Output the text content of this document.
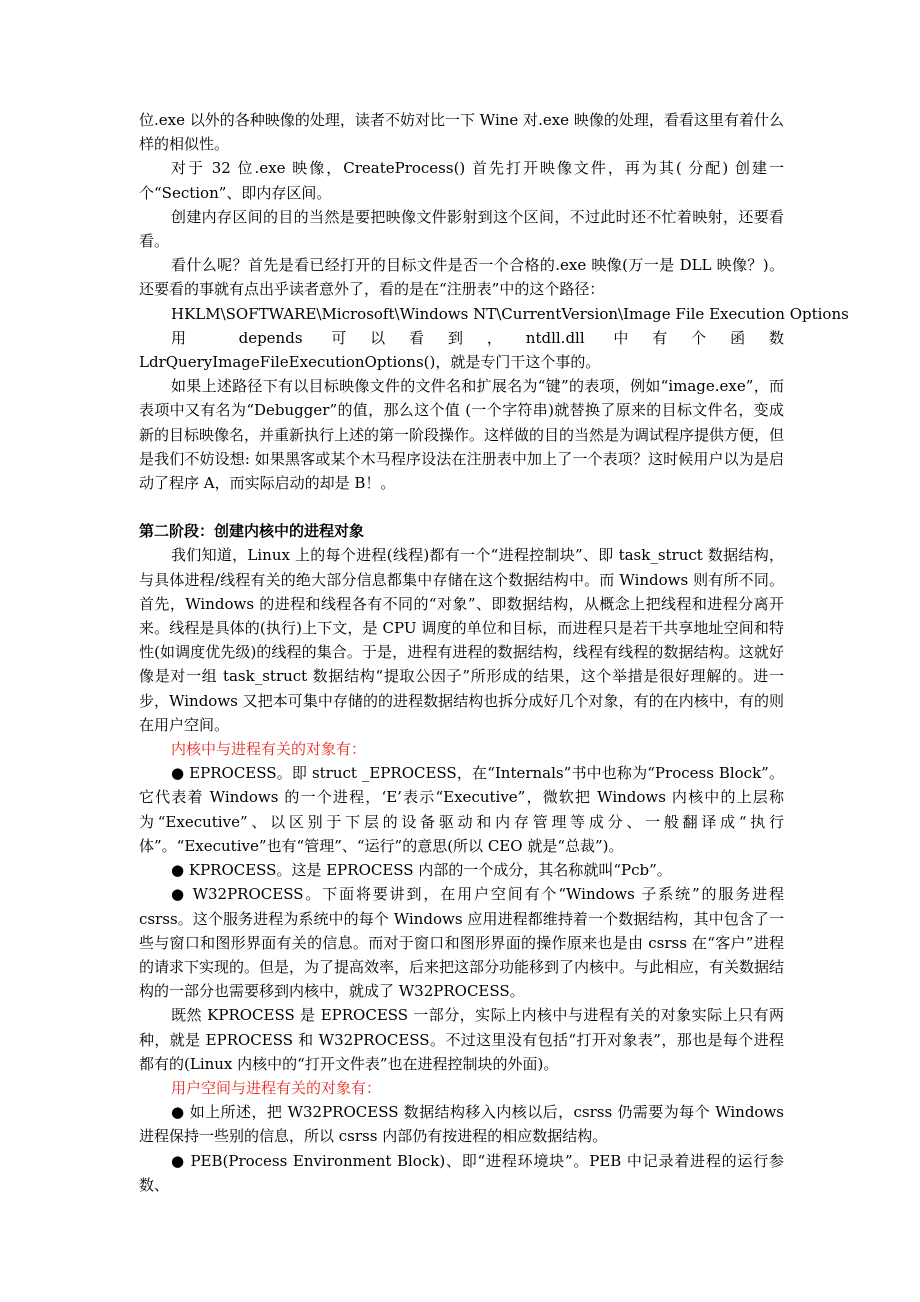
位.exe 以外的各种映像的处理，读者不妨对比一下 Wine 对.exe 映像的处理，看看这里有着什么样的相似性。

对于 32 位.exe 映像，CreateProcess() 首先打开映像文件，再为其( 分配) 创建一个“Section”、即内存区间。

创建内存区间的目的当然是要把映像文件影射到这个区间，不过此时还不忙着映射，还要看看。

看什么呢？首先是看已经打开的目标文件是否一个合格的.exe 映像(万一是 DLL 映像？)。还要看的事就有点出乎读者意外了，看的是在“注册表”中的这个路径：

HKLM\SOFTWARE\Microsoft\Windows NT\CurrentVersion\Image File Execution Options

用 depends 可以看到，ntdll.dll 中有个函数 LdrQueryImageFileExecutionOptions()，就是专门干这个事的。

如果上述路径下有以目标映像文件的文件名和扩展名为“键”的表项，例如“image.exe”，而表项中又有名为“Debugger”的值，那么这个值 (一个字符串)就替换了原来的目标文件名，变成新的目标映像名，并重新执行上述的第一阶段操作。这样做的目的当然是为调试程序提供方便，但是我们不妨设想: 如果黑客或某个木马程序设法在注册表中加上了一个表项？这时候用户以为是启动了程序 A，而实际启动的却是 B！。

第二阶段：创建内核中的进程对象

我们知道，Linux 上的每个进程(线程)都有一个“进程控制块”、即 task_struct 数据结构，与具体进程/线程有关的绝大部分信息都集中存储在这个数据结构中。而 Windows 则有所不同。首先，Windows 的进程和线程各有不同的“对象”、即数据结构，从概念上把线程和进程分离开来。线程是具体的(执行)上下文，是 CPU 调度的单位和目标，而进程只是若干共享地址空间和特性(如调度优先级)的线程的集合。于是，进程有进程的数据结构，线程有线程的数据结构。这就好像是对一组 task_struct 数据结构“提取公因子”所形成的结果，这个举措是很好理解的。进一步，Windows 又把本可集中存储的的进程数据结构也拆分成好几个对象，有的在内核中，有的则在用户空间。

内核中与进程有关的对象有：

● EPROCESS。即 struct _EPROCESS，在“Internals”书中也称为“Process Block”。它代表着 Windows 的一个进程，‘E’表示“Executive”，微软把 Windows 内核中的上层称为“Executive”、以区别于下层的设备驱动和内存管理等成分、一般翻译成“执行体”。“Executive”也有“管理”、“运行”的意思(所以 CEO 就是“总裁”)。

● KPROCESS。这是 EPROCESS 内部的一个成分，其名称就叫“Pcb”。

● W32PROCESS。下面将要讲到，在用户空间有个“Windows 子系统”的服务进程 csrss。这个服务进程为系统中的每个 Windows 应用进程都维持着一个数据结构，其中包含了一些与窗口和图形界面有关的信息。而对于窗口和图形界面的操作原来也是由 csrss 在“客户”进程的请求下实现的。但是，为了提高效率，后来把这部分功能移到了内核中。与此相应，有关数据结构的一部分也需要移到内核中，就成了 W32PROCESS。

既然 KPROCESS 是 EPROCESS 一部分，实际上内核中与进程有关的对象实际上只有两种，就是 EPROCESS 和 W32PROCESS。不过这里没有包括“打开对象表”，那也是每个进程都有的(Linux 内核中的“打开文件表”也在进程控制块的外面)。

用户空间与进程有关的对象有：

● 如上所述，把 W32PROCESS 数据结构移入内核以后，csrss 仍需要为每个 Windows 进程保持一些别的信息，所以 csrss 内部仍有按进程的相应数据结构。

● PEB(Process Environment Block)、即“进程环境块”。PEB 中记录着进程的运行参数、
